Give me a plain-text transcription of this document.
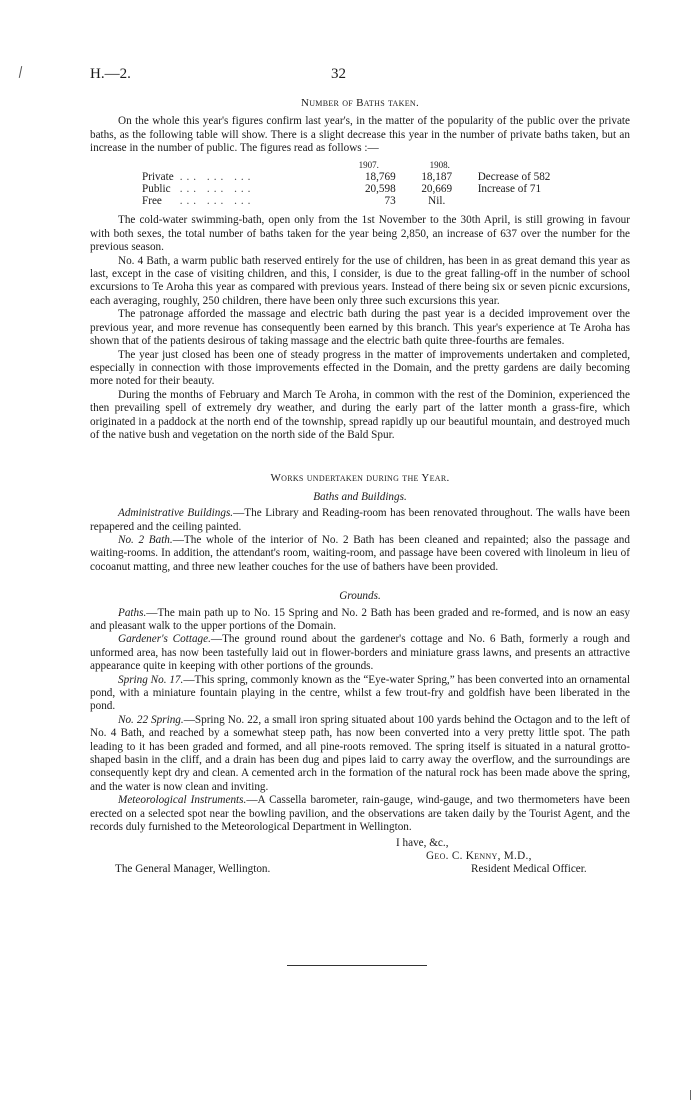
H.—2.	32
Number of Baths taken.

On the whole this year's figures confirm last year's, in the matter of the popularity of the public over the private baths, as the following table will show. There is a slight decrease this year in the number of private baths taken, but an increase in the number of public. The figures read as follows :—

		1907.	1908.	
Private	... ... ...	18,769	18,187	Decrease of 582
Public	... ... ...	20,598	20,669	Increase of 71
Free	... ... ...	73	Nil.	

The cold-water swimming-bath, open only from the 1st November to the 30th April, is still growing in favour with both sexes, the total number of baths taken for the year being 2,850, an increase of 637 over the number for the previous season.

No. 4 Bath, a warm public bath reserved entirely for the use of children, has been in as great demand this year as last, except in the case of visiting children, and this, I consider, is due to the great falling-off in the number of school excursions to Te Aroha this year as compared with previous years. Instead of there being six or seven picnic excursions, each averaging, roughly, 250 children, there have been only three such excursions this year.

The patronage afforded the massage and electric bath during the past year is a decided improvement over the previous year, and more revenue has consequently been earned by this branch. This year's experience at Te Aroha has shown that of the patients desirous of taking massage and the electric bath quite three-fourths are females.

The year just closed has been one of steady progress in the matter of improvements undertaken and completed, especially in connection with those improvements effected in the Domain, and the pretty gardens are daily becoming more noted for their beauty.

During the months of February and March Te Aroha, in common with the rest of the Dominion, experienced the then prevailing spell of extremely dry weather, and during the early part of the latter month a grass-fire, which originated in a paddock at the north end of the township, spread rapidly up our beautiful mountain, and destroyed much of the native bush and vegetation on the north side of the Bald Spur.

Works undertaken during the Year.
Baths and Buildings.

Administrative Buildings.—The Library and Reading-room has been renovated throughout. The walls have been repapered and the ceiling painted.

No. 2 Bath.—The whole of the interior of No. 2 Bath has been cleaned and repainted; also the passage and waiting-rooms. In addition, the attendant's room, waiting-room, and passage have been covered with linoleum in lieu of cocoanut matting, and three new leather couches for the use of bathers have been provided.

Grounds.

Paths.—The main path up to No. 15 Spring and No. 2 Bath has been graded and re-formed, and is now an easy and pleasant walk to the upper portions of the Domain.

Gardener's Cottage.—The ground round about the gardener's cottage and No. 6 Bath, formerly a rough and unformed area, has now been tastefully laid out in flower-borders and miniature grass lawns, and presents an attractive appearance quite in keeping with other portions of the grounds.

Spring No. 17.—This spring, commonly known as the “Eye-water Spring,” has been converted into an ornamental pond, with a miniature fountain playing in the centre, whilst a few trout-fry and goldfish have been liberated in the pond.

No. 22 Spring.—Spring No. 22, a small iron spring situated about 100 yards behind the Octagon and to the left of No. 4 Bath, and reached by a somewhat steep path, has now been converted into a very pretty little spot. The path leading to it has been graded and formed, and all pine-roots removed. The spring itself is situated in a natural grotto-shaped basin in the cliff, and a drain has been dug and pipes laid to carry away the overflow, and the surroundings are consequently kept dry and clean. A cemented arch in the formation of the natural rock has been made above the spring, and the water is now clean and inviting.

Meteorological Instruments.—A Cassella barometer, rain-gauge, wind-gauge, and two thermometers have been erected on a selected spot near the bowling pavilion, and the observations are taken daily by the Tourist Agent, and the records duly furnished to the Meteorological Department in Wellington.

I have, &c.,
Geo. C. Kenny, M.D.,
Resident Medical Officer.
The General Manager, Wellington.
